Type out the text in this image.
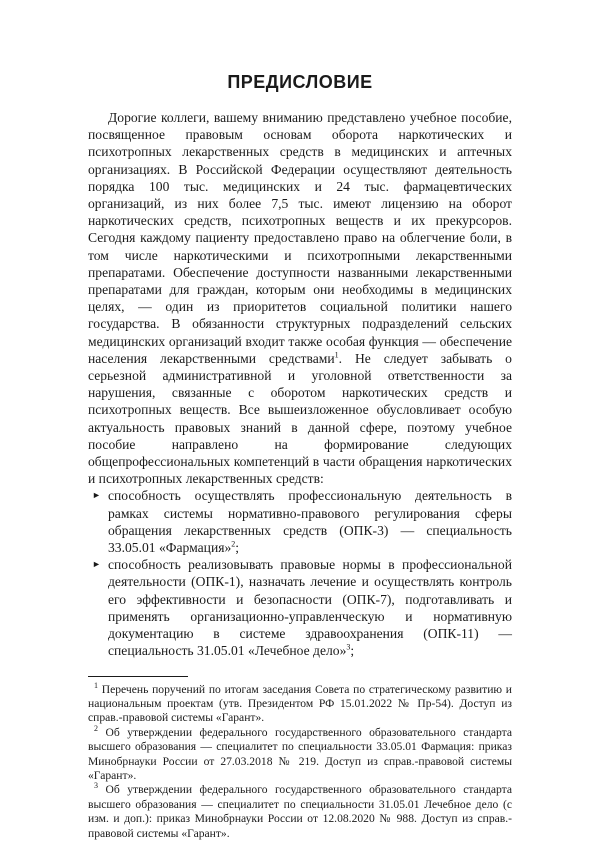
ПРЕДИСЛОВИЕ

Дорогие коллеги, вашему вниманию представлено учебное пособие, посвященное правовым основам оборота наркотических и психотропных лекарственных средств в медицинских и аптечных организациях. В Российской Федерации осуществляют деятельность порядка 100 тыс. медицинских и 24 тыс. фармацевтических организаций, из них более 7,5 тыс. имеют лицензию на оборот наркотических средств, психотропных веществ и их прекурсоров. Сегодня каждому пациенту предоставлено право на облегчение боли, в том числе наркотическими и психотропными лекарственными препаратами. Обеспечение доступности названными лекарственными препаратами для граждан, которым они необходимы в медицинских целях, — один из приоритетов социальной политики нашего государства. В обязанности структурных подразделений сельских медицинских организаций входит также особая функция — обеспечение населения лекарственными средствами$^1$. Не следует забывать о серьезной административной и уголовной ответственности за нарушения, связанные с оборотом наркотических средств и психотропных веществ. Все вышеизложенное обусловливает особую актуальность правовых знаний в данной сфере, поэтому учебное пособие направлено на формирование следующих общепрофессиональных компетенций в части обращения наркотических и психотропных лекарственных средств:

► способность осуществлять профессиональную деятельность в рамках системы нормативно-правового регулирования сферы обращения лекарственных средств (ОПК-3) — специальность 33.05.01 «Фармация»$^2$;
► способность реализовывать правовые нормы в профессиональной деятельности (ОПК-1), назначать лечение и осуществлять контроль его эффективности и безопасности (ОПК-7), подготавливать и применять организационно-управленческую и нормативную документацию в системе здравоохранения (ОПК-11) — специальность 31.05.01 «Лечебное дело»$^3$;

$^1$ Перечень поручений по итогам заседания Совета по стратегическому развитию и национальным проектам (утв. Президентом РФ 15.01.2022 № Пр-54). Доступ из справ.-правовой системы «Гарант».

$^2$ Об утверждении федерального государственного образовательного стандарта высшего образования — специалитет по специальности 33.05.01 Фармация: приказ Минобрнауки России от 27.03.2018 № 219. Доступ из справ.-правовой системы «Гарант».

$^3$ Об утверждении федерального государственного образовательного стандарта высшего образования — специалитет по специальности 31.05.01 Лечебное дело (с изм. и доп.): приказ Минобрнауки России от 12.08.2020 № 988. Доступ из справ.-правовой системы «Гарант».
